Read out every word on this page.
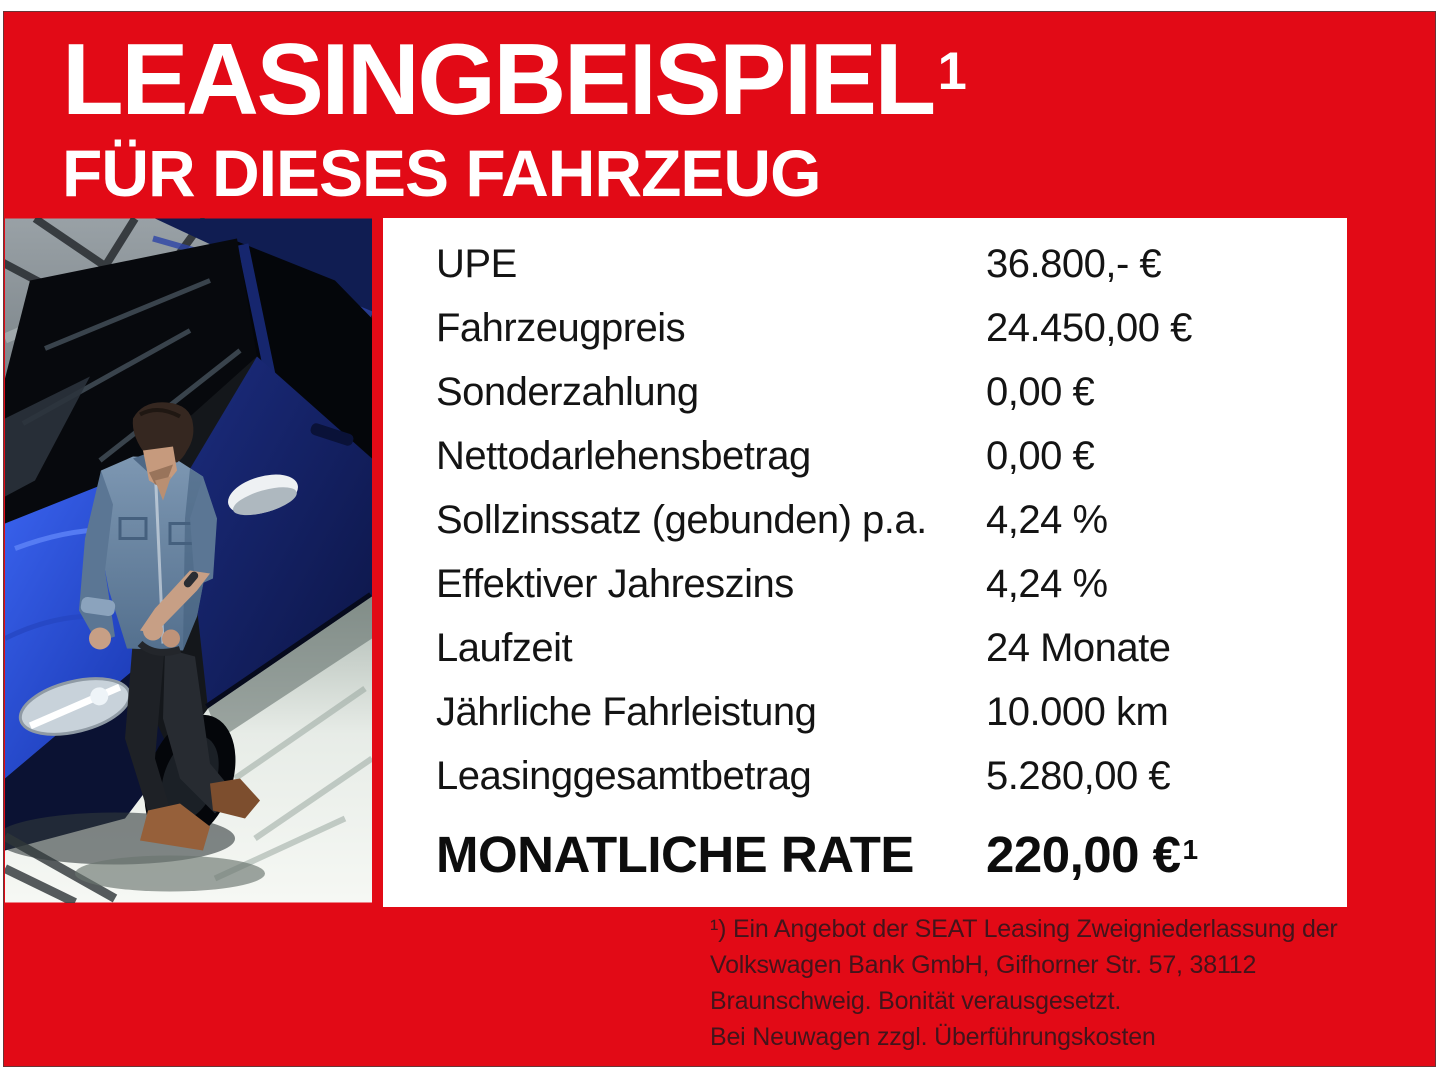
LEASINGBEISPIEL$^1$
FÜR DIESES FAHRZEUG
UPE	36.800,- €
Fahrzeugpreis	24.450,00 €
Sonderzahlung	0,00 €
Nettodarlehensbetrag	0,00 €
Sollzinssatz (gebunden) p.a.	4,24 %
Effektiver Jahreszins	4,24 %
Laufzeit	24 Monate
Jährliche Fahrleistung	10.000 km
Leasinggesamtbetrag	5.280,00 €
MONATLICHE RATE	220,00 €$^1$
¹) Ein Angebot der SEAT Leasing Zweigniederlassung der
Volkswagen Bank GmbH, Gifhorner Str. 57, 38112
Braunschweig. Bonität verausgesetzt.
Bei Neuwagen zzgl. Überführungskosten
